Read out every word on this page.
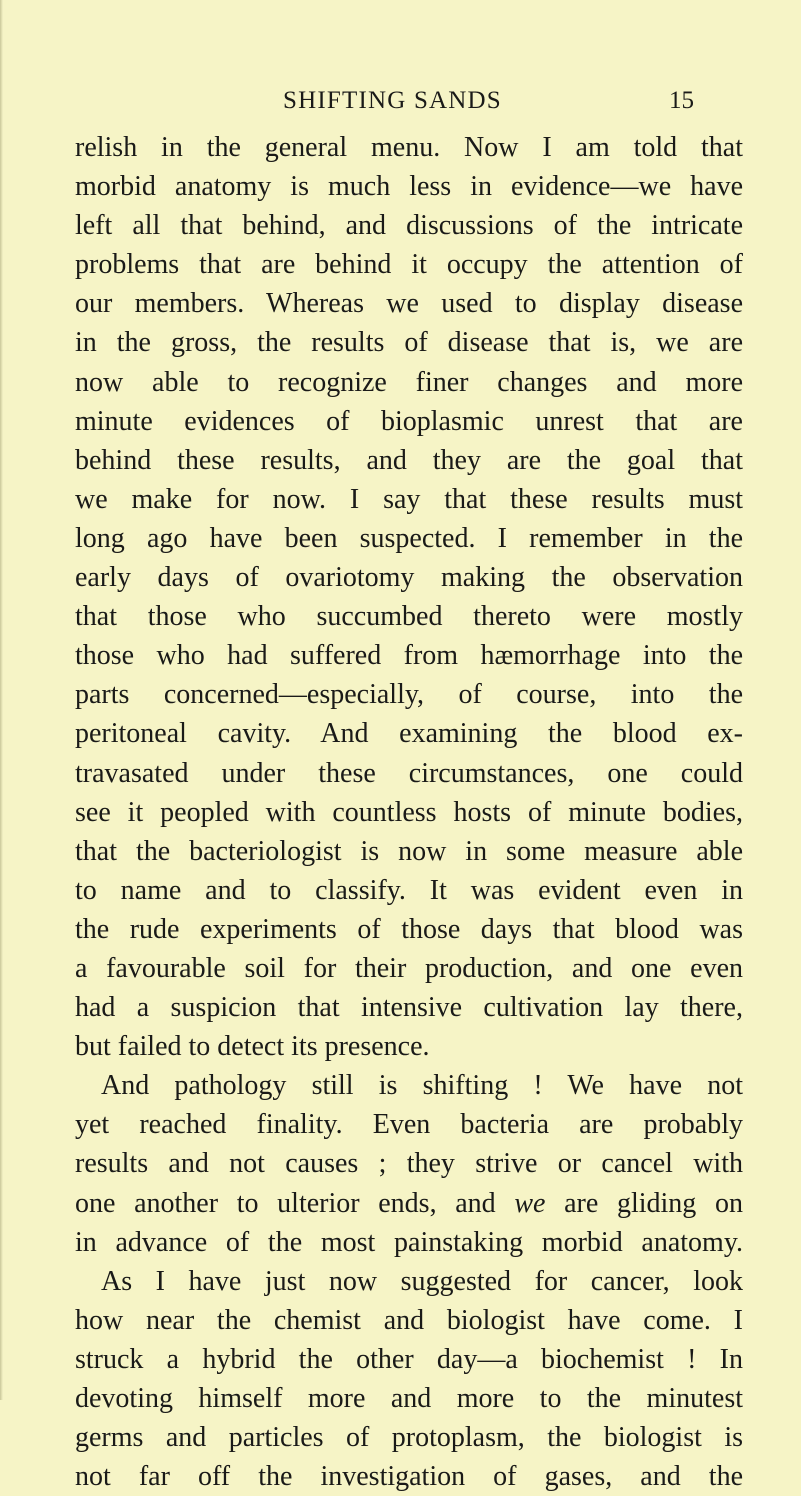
SHIFTING SANDS	15
relish in the general menu. Now I am told that
morbid anatomy is much less in evidence—we have
left all that behind, and discussions of the intricate
problems that are behind it occupy the attention of
our members. Whereas we used to display disease
in the gross, the results of disease that is, we are
now able to recognize finer changes and more
minute evidences of bioplasmic unrest that are
behind these results, and they are the goal that
we make for now. I say that these results must
long ago have been suspected. I remember in the
early days of ovariotomy making the observation
that those who succumbed thereto were mostly
those who had suffered from hæmorrhage into the
parts concerned—especially, of course, into the
peritoneal cavity. And examining the blood ex-
travasated under these circumstances, one could
see it peopled with countless hosts of minute bodies,
that the bacteriologist is now in some measure able
to name and to classify. It was evident even in
the rude experiments of those days that blood was
a favourable soil for their production, and one even
had a suspicion that intensive cultivation lay there,
but failed to detect its presence.
And pathology still is shifting ! We have not
yet reached finality. Even bacteria are probably
results and not causes ; they strive or cancel with
one another to ulterior ends, and we are gliding on
in advance of the most painstaking morbid anatomy.
As I have just now suggested for cancer, look
how near the chemist and biologist have come. I
struck a hybrid the other day—a biochemist ! In
devoting himself more and more to the minutest
germs and particles of protoplasm, the biologist is
not far off the investigation of gases, and the
